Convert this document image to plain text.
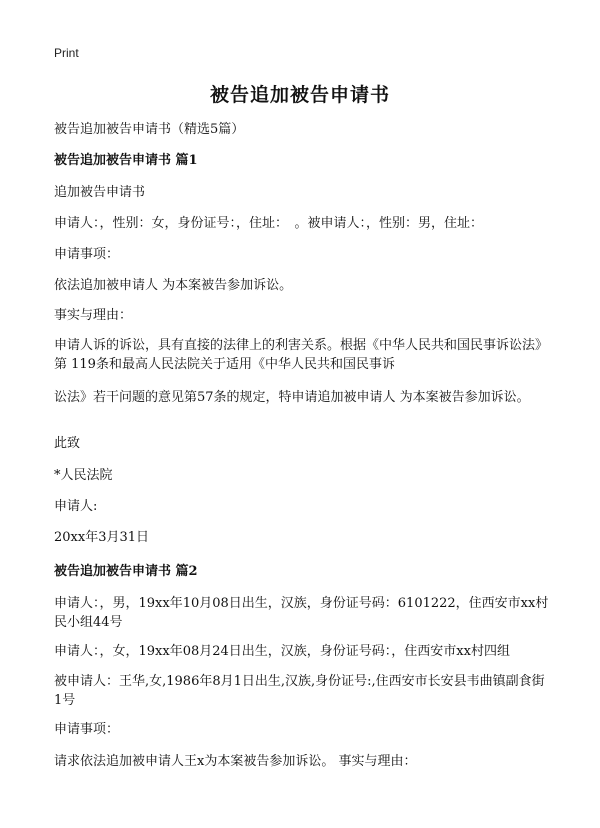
Print
被告追加被告申请书

被告追加被告申请书（精选5篇）

被告追加被告申请书 篇1

追加被告申请书

申请人：，性别：女，身份证号：，住址：　。被申请人：，性别：男，住址：

申请事项：

依法追加被申请人 为本案被告参加诉讼。

事实与理由：

申请人诉的诉讼，具有直接的法律上的利害关系。根据《中华人民共和国民事诉讼法》第 119条和最高人民法院关于适用《中华人民共和国民事诉

讼法》若干问题的意见第57条的规定，特申请追加被申请人 为本案被告参加诉讼。

此致

*人民法院

申请人:

20xx年3月31日

被告追加被告申请书 篇2

申请人：，男，19xx年10月08日出生，汉族，身份证号码：6101222，住西安市xx村民小组44号

申请人：，女，19xx年08月24日出生，汉族，身份证号码：，住西安市xx村四组

被申请人：王华,女,1986年8月1日出生,汉族,身份证号:,住西安市长安县韦曲镇副食街1号

申请事项：

请求依法追加被申请人王x为本案被告参加诉讼。 事实与理由：
